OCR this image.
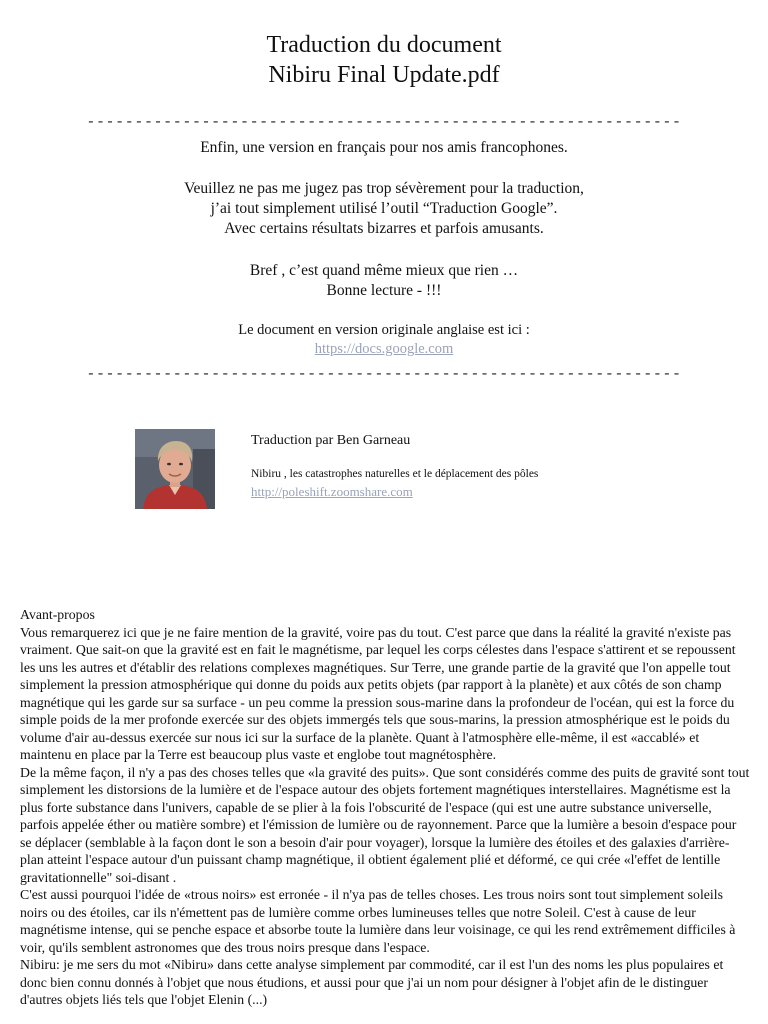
Traduction du document
Nibiru Final Update.pdf
--------------------------------------------------------------
Enfin, une version en français pour nos amis francophones.
Veuillez ne pas me jugez pas trop sévèrement pour la traduction,
j’ai tout simplement utilisé l’outil “Traduction Google”.
Avec certains résultats bizarres et parfois amusants.
Bref , c’est quand même mieux que rien …
Bonne lecture - !!!
Le document en version originale anglaise est ici :
https://docs.google.com
--------------------------------------------------------------
Traduction par Ben Garneau
Nibiru , les catastrophes naturelles et le déplacement des pôles
http://poleshift.zoomshare.com

Avant-propos

Vous remarquerez ici que je ne faire mention de la gravité, voire pas du tout. C'est parce que dans la réalité la gravité n'existe pas vraiment. Que sait-on que la gravité est en fait le magnétisme, par lequel les corps célestes dans l'espace s'attirent et se repoussent les uns les autres et d'établir des relations complexes magnétiques. Sur Terre, une grande partie de la gravité que l'on appelle tout simplement la pression atmosphérique qui donne du poids aux petits objets (par rapport à la planète) et aux côtés de son champ magnétique qui les garde sur sa surface - un peu comme la pression sous-marine dans la profondeur de l'océan, qui est la force du simple poids de la mer profonde exercée sur des objets immergés tels que sous-marins, la pression atmosphérique est le poids du volume d'air au-dessus exercée sur nous ici sur la surface de la planète. Quant à l'atmosphère elle-même, il est «accablé» et maintenu en place par la Terre est beaucoup plus vaste et englobe tout magnétosphère.

De la même façon, il n'y a pas des choses telles que «la gravité des puits». Que sont considérés comme des puits de gravité sont tout simplement les distorsions de la lumière et de l'espace autour des objets fortement magnétiques interstellaires. Magnétisme est la plus forte substance dans l'univers, capable de se plier à la fois l'obscurité de l'espace (qui est une autre substance universelle, parfois appelée éther ou matière sombre) et l'émission de lumière ou de rayonnement. Parce que la lumière a besoin d'espace pour se déplacer (semblable à la façon dont le son a besoin d'air pour voyager), lorsque la lumière des étoiles et des galaxies d'arrière-plan atteint l'espace autour d'un puissant champ magnétique, il obtient également plié et déformé, ce qui crée «l'effet de lentille gravitationnelle" soi-disant .

C'est aussi pourquoi l'idée de «trous noirs» est erronée - il n'ya pas de telles choses. Les trous noirs sont tout simplement soleils noirs ou des étoiles, car ils n'émettent pas de lumière comme orbes lumineuses telles que notre Soleil. C'est à cause de leur magnétisme intense, qui se penche espace et absorbe toute la lumière dans leur voisinage, ce qui les rend extrêmement difficiles à voir, qu'ils semblent astronomes que des trous noirs presque dans l'espace.

Nibiru: je me sers du mot «Nibiru» dans cette analyse simplement par commodité, car il est l'un des noms les plus populaires et donc bien connu donnés à l'objet que nous étudions, et aussi pour que j'ai un nom pour désigner à l'objet afin de le distinguer d'autres objets liés tels que l'objet Elenin (...)
